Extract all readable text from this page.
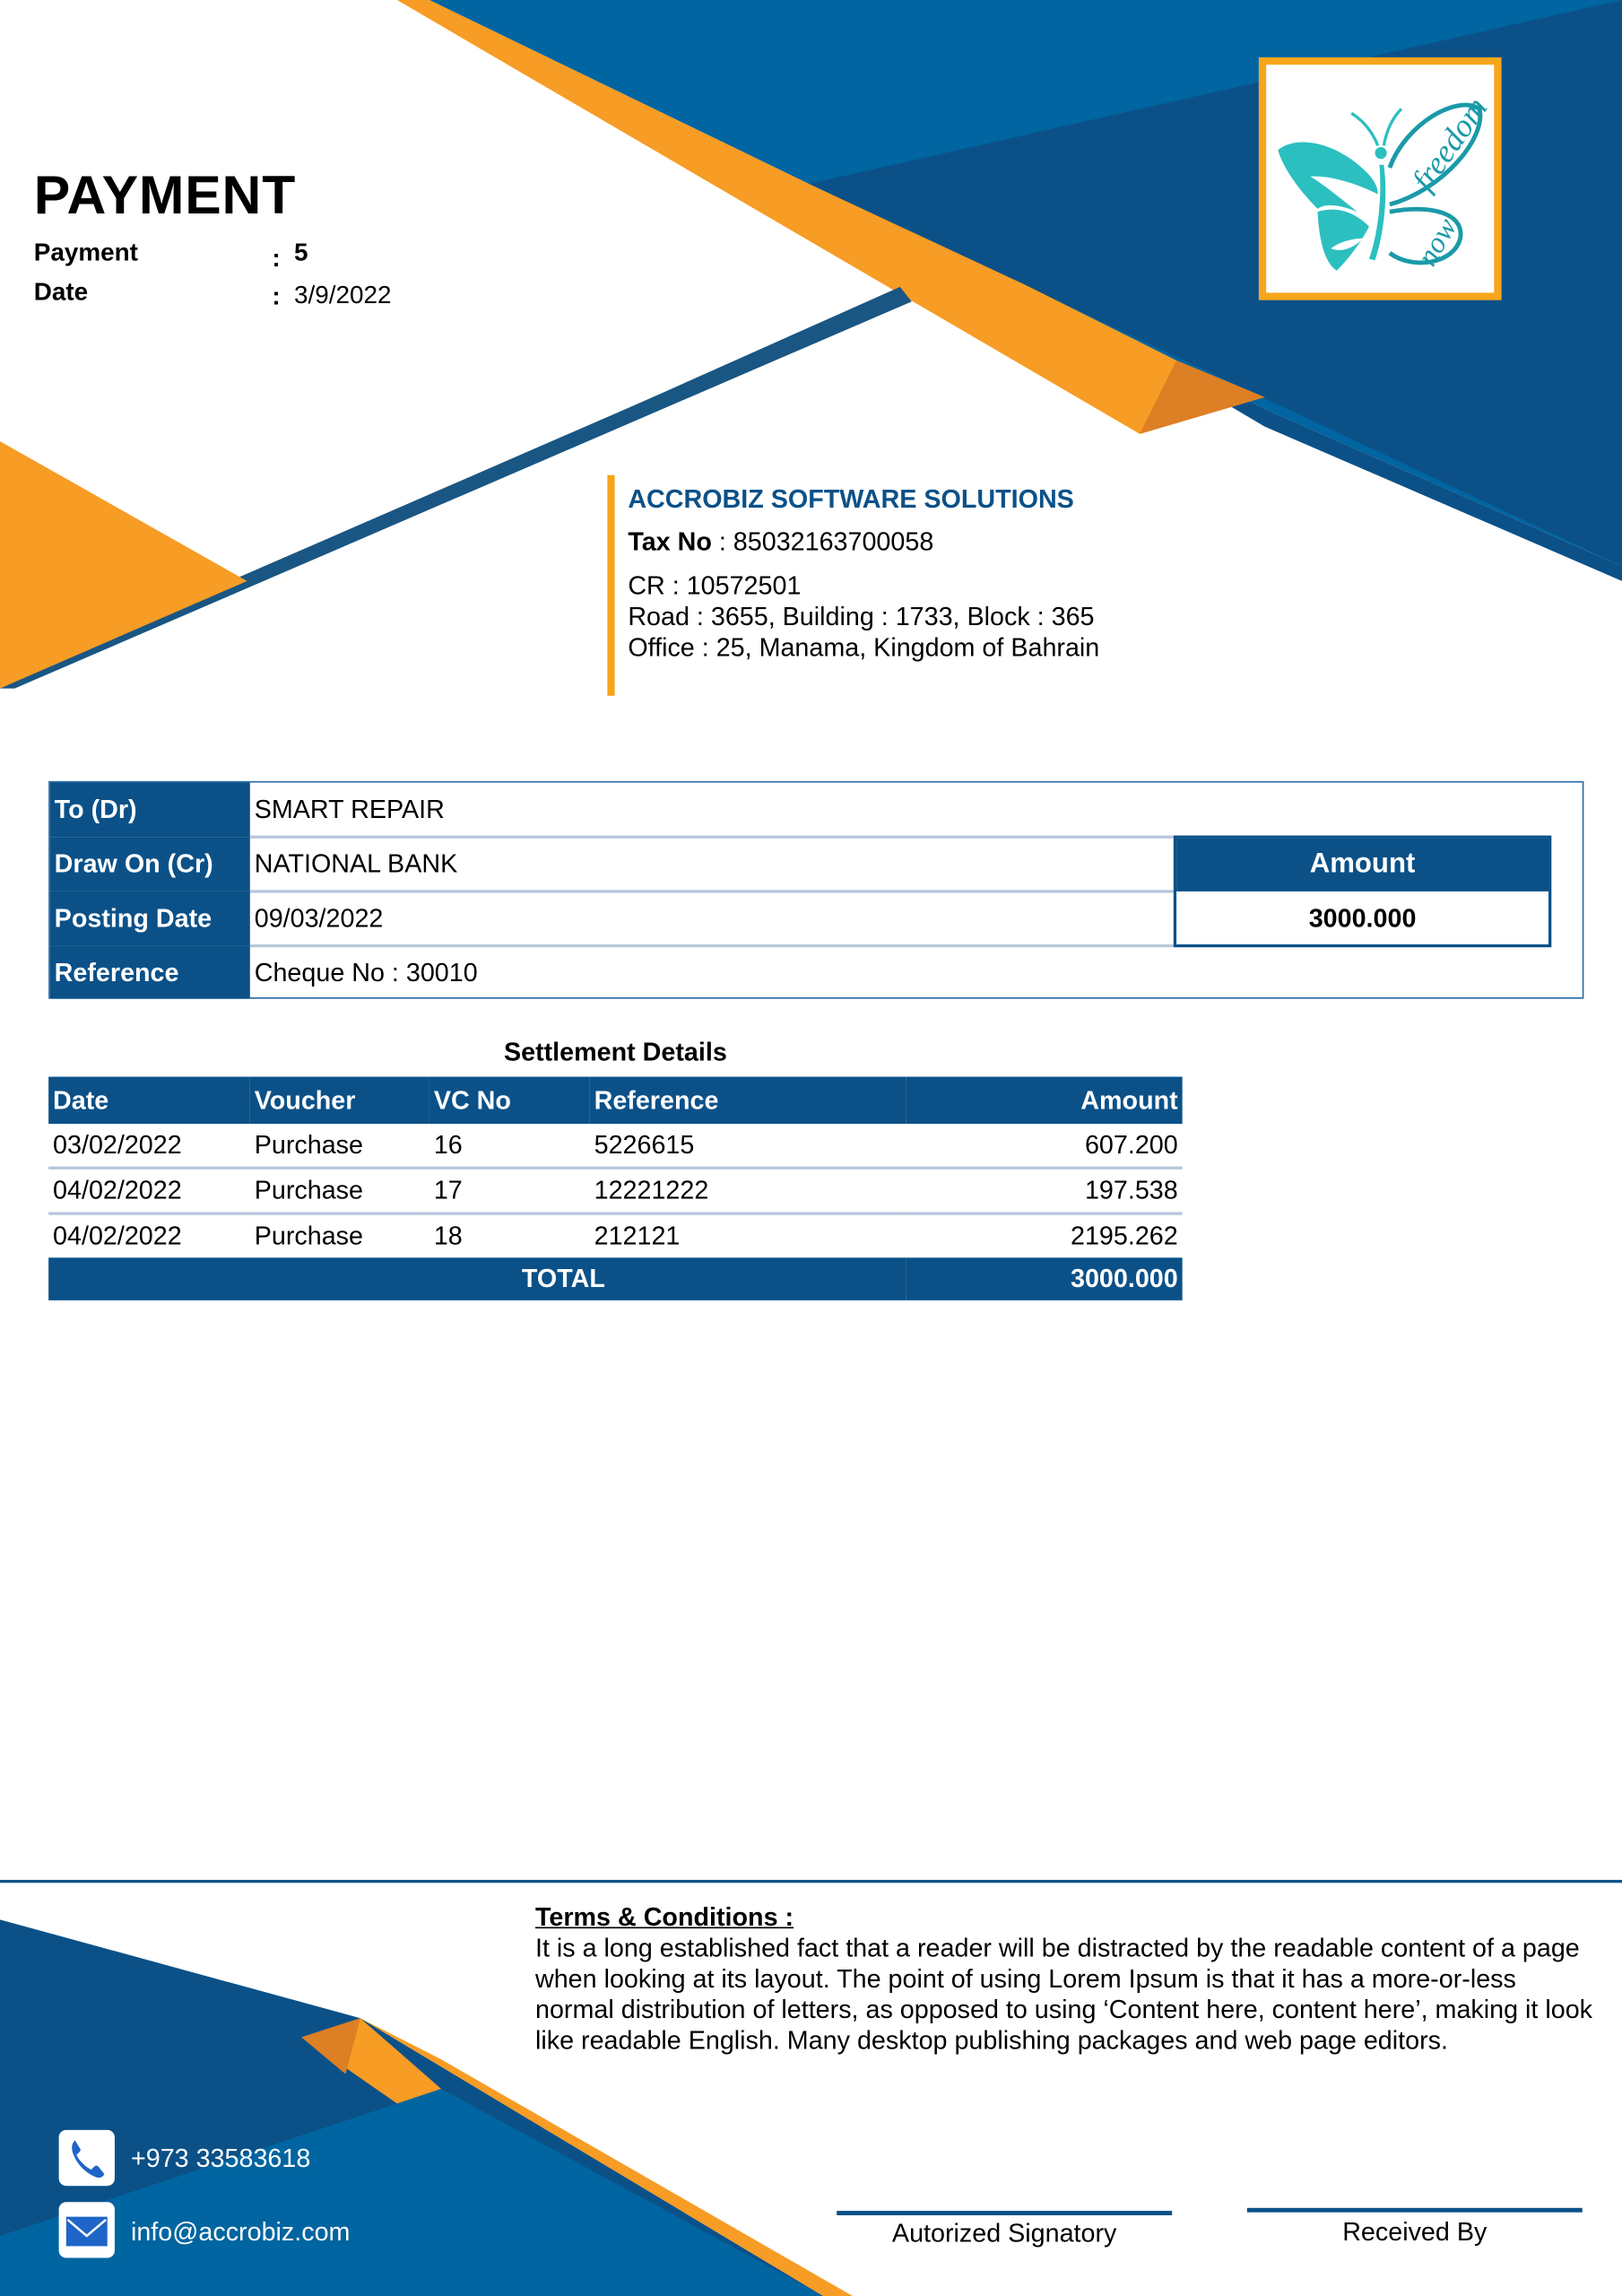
PAYMENT
Payment	: 5
Date	: 3/9/2022
freedom
now
ACCROBIZ SOFTWARE SOLUTIONS
Tax No : 85032163700058
CR : 10572501
Road : 3655, Building : 1733, Block : 365
Office : 25, Manama, Kingdom of Bahrain
To (Dr)	SMART REPAIR
Draw On (Cr)	NATIONAL BANK
Posting Date	09/03/2022
Reference	Cheque No : 30010
Amount
3000.000
Settlement Details
Date	Voucher	VC No	Reference	Amount
03/02/2022	Purchase	16	5226615	607.200
04/02/2022	Purchase	17	12221222	197.538
04/02/2022	Purchase	18	212121	2195.262
TOTAL				3000.000
Terms & Conditions :
It is a long established fact that a reader will be distracted by the readable content of a page when looking at its layout. The point of using Lorem Ipsum is that it has a more-or-less normal distribution of letters, as opposed to using ‘Content here, content here’, making it look like readable English. Many desktop publishing packages and web page editors.
+973 33583618
info@accrobiz.com	Autorized Signatory	Received By
